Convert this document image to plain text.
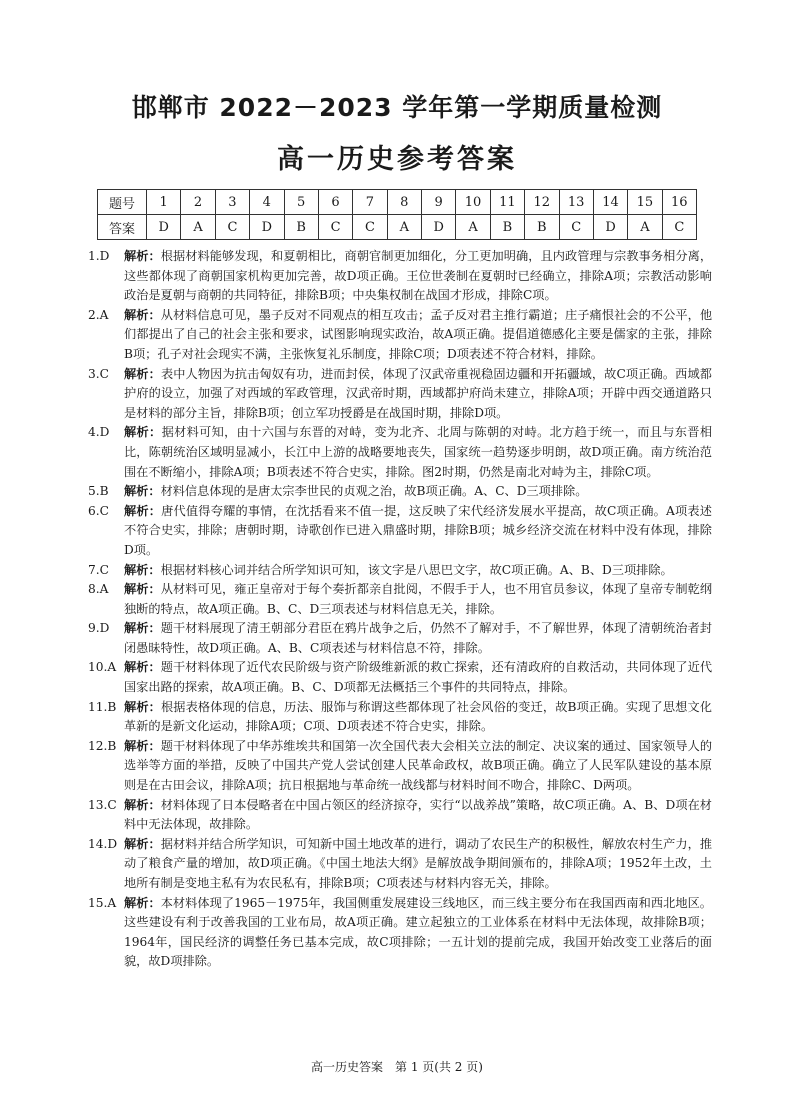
邯郸市 2022－2023 学年第一学期质量检测
高一历史参考答案
题号	1	2	3	4	5	6	7	8	9	10	11	12	13	14	15	16
答案	D	A	C	D	B	C	C	A	D	A	B	B	C	D	A	C
1.D	解析：根据材料能够发现，和夏朝相比，商朝官制更加细化，分工更加明确，且内政管理与宗教事务相分离，这些都体现了商朝国家机构更加完善，故D项正确。王位世袭制在夏朝时已经确立，排除A项；宗教活动影响政治是夏朝与商朝的共同特征，排除B项；中央集权制在战国才形成，排除C项。
2.A	解析：从材料信息可见，墨子反对不同观点的相互攻击；孟子反对君主推行霸道；庄子痛恨社会的不公平，他们都提出了自己的社会主张和要求，试图影响现实政治，故A项正确。提倡道德感化主要是儒家的主张，排除B项；孔子对社会现实不满，主张恢复礼乐制度，排除C项；D项表述不符合材料，排除。
3.C	解析：表中人物因为抗击匈奴有功，进而封侯，体现了汉武帝重视稳固边疆和开拓疆域，故C项正确。西域都护府的设立，加强了对西域的军政管理，汉武帝时期，西域都护府尚未建立，排除A项；开辟中西交通道路只是材料的部分主旨，排除B项；创立军功授爵是在战国时期，排除D项。
4.D	解析：据材料可知，由十六国与东晋的对峙，变为北齐、北周与陈朝的对峙。北方趋于统一，而且与东晋相比，陈朝统治区域明显减小，长江中上游的战略要地丧失，国家统一趋势逐步明朗，故D项正确。南方统治范围在不断缩小，排除A项；B项表述不符合史实，排除。图2时期，仍然是南北对峙为主，排除C项。
5.B	解析：材料信息体现的是唐太宗李世民的贞观之治，故B项正确。A、C、D三项排除。
6.C	解析：唐代值得夸耀的事情，在沈括看来不值一提，这反映了宋代经济发展水平提高，故C项正确。A项表述不符合史实，排除；唐朝时期，诗歌创作已进入鼎盛时期，排除B项；城乡经济交流在材料中没有体现，排除D项。
7.C	解析：根据材料核心词并结合所学知识可知，该文字是八思巴文字，故C项正确。A、B、D三项排除。
8.A	解析：从材料可见，雍正皇帝对于每个奏折都亲自批阅，不假手于人，也不用官员参议，体现了皇帝专制乾纲独断的特点，故A项正确。B、C、D三项表述与材料信息无关，排除。
9.D	解析：题干材料展现了清王朝部分君臣在鸦片战争之后，仍然不了解对手，不了解世界，体现了清朝统治者封闭愚昧特性，故D项正确。A、B、C项表述与材料信息不符，排除。
10.A 解析：题干材料体现了近代农民阶级与资产阶级维新派的救亡探索，还有清政府的自救活动，共同体现了近代国家出路的探索，故A项正确。B、C、D项都无法概括三个事件的共同特点，排除。
11.B 解析：根据表格体现的信息，历法、服饰与称谓这些都体现了社会风俗的变迁，故B项正确。实现了思想文化革新的是新文化运动，排除A项；C项、D项表述不符合史实，排除。
12.B 解析：题干材料体现了中华苏维埃共和国第一次全国代表大会相关立法的制定、决议案的通过、国家领导人的选举等方面的举措，反映了中国共产党人尝试创建人民革命政权，故B项正确。确立了人民军队建设的基本原则是在古田会议，排除A项；抗日根据地与革命统一战线都与材料时间不吻合，排除C、D两项。
13.C 解析：材料体现了日本侵略者在中国占领区的经济掠夺，实行“以战养战”策略，故C项正确。A、B、D项在材料中无法体现，故排除。
14.D 解析：据材料并结合所学知识，可知新中国土地改革的进行，调动了农民生产的积极性，解放农村生产力，推动了粮食产量的增加，故D项正确。《中国土地法大纲》是解放战争期间颁布的，排除A项；1952年土改，土地所有制是变地主私有为农民私有，排除B项；C项表述与材料内容无关，排除。
15.A 解析：本材料体现了1965－1975年，我国侧重发展建设三线地区，而三线主要分布在我国西南和西北地区。这些建设有利于改善我国的工业布局，故A项正确。建立起独立的工业体系在材料中无法体现，故排除B项；1964年，国民经济的调整任务已基本完成，故C项排除；一五计划的提前完成，我国开始改变工业落后的面貌，故D项排除。
高一历史答案　第 1 页(共 2 页)
